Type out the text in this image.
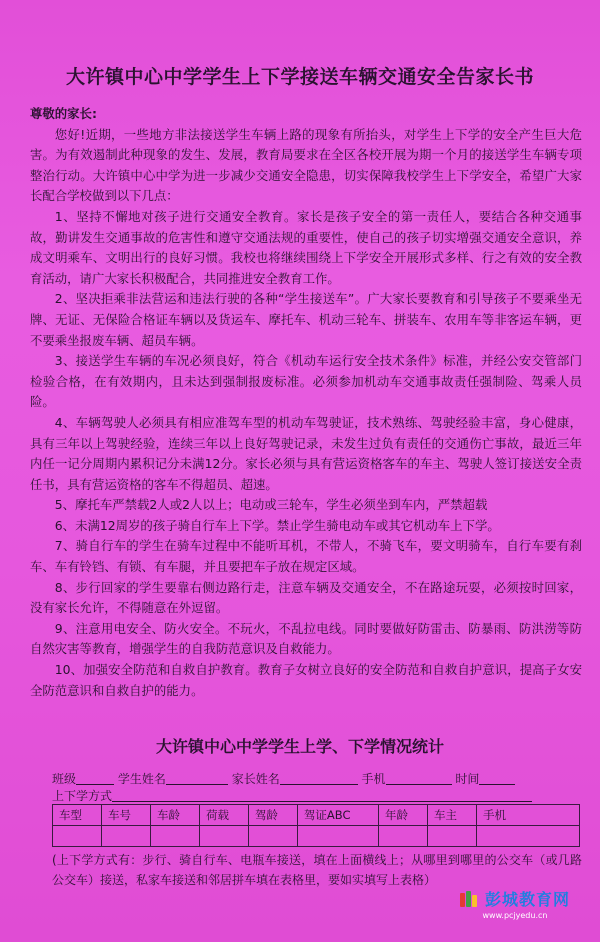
大许镇中心中学学生上下学接送车辆交通安全告家长书

尊敬的家长:

您好!近期，一些地方非法接送学生车辆上路的现象有所抬头，对学生上下学的安全产生巨大危害。为有效遏制此种现象的发生、发展，教育局要求在全区各校开展为期一个月的接送学生车辆专项整治行动。大许镇中心中学为进一步减少交通安全隐患，切实保障我校学生上下学安全，希望广大家长配合学校做到以下几点：

1、坚持不懈地对孩子进行交通安全教育。家长是孩子安全的第一责任人，要结合各种交通事故，勤讲发生交通事故的危害性和遵守交通法规的重要性，使自己的孩子切实增强交通安全意识，养成文明乘车、文明出行的良好习惯。我校也将继续围绕上下学安全开展形式多样、行之有效的安全教育活动，请广大家长积极配合，共同推进安全教育工作。

2、坚决拒乘非法营运和违法行驶的各种“学生接送车”。广大家长要教育和引导孩子不要乘坐无牌、无证、无保险合格证车辆以及货运车、摩托车、机动三轮车、拼装车、农用车等非客运车辆，更不要乘坐报废车辆、超员车辆。

3、接送学生车辆的车况必须良好，符合《机动车运行安全技术条件》标准，并经公安交管部门检验合格，在有效期内，且未达到强制报废标准。必须参加机动车交通事故责任强制险、驾乘人员险。

4、车辆驾驶人必须具有相应准驾车型的机动车驾驶证，技术熟练、驾驶经验丰富，身心健康，具有三年以上驾驶经验，连续三年以上良好驾驶记录，未发生过负有责任的交通伤亡事故，最近三年内任一记分周期内累积记分未满12分。家长必须与具有营运资格客车的车主、驾驶人签订接送安全责任书，具有营运资格的客车不得超员、超速。

5、摩托车严禁载2人或2人以上；电动或三轮车，学生必须坐到车内，严禁超载

6、未满12周岁的孩子骑自行车上下学。禁止学生骑电动车或其它机动车上下学。

7、骑自行车的学生在骑车过程中不能听耳机，不带人，不骑飞车，要文明骑车，自行车要有刹车、车有铃铛、有锁、有车腿，并且要把车子放在规定区域。

8、步行回家的学生要靠右侧边路行走，注意车辆及交通安全，不在路途玩耍，必须按时回家，没有家长允许，不得随意在外逗留。

9、注意用电安全、防火安全。不玩火，不乱拉电线。同时要做好防雷击、防暴雨、防洪涝等防自然灾害等教育，增强学生的自我防范意识及自救能力。

10、加强安全防范和自救自护教育。教育子女树立良好的安全防范和自救自护意识，提高子女安全防范意识和自救自护的能力。

大许镇中心中学学生上学、下学情况统计
班级	学生姓名	家长姓名	手机	时间
上下学方式
车型	车号	车龄	荷载	驾龄	驾证ABC	年龄	车主	手机

(上下学方式有：步行、骑自行车、电瓶车接送，填在上面横线上；从哪里到哪里的公交车（或几路公交车）接送，私家车接送和邻居拼车填在表格里，要如实填写上表格）
彭城教育网
www.pcjyedu.cn
